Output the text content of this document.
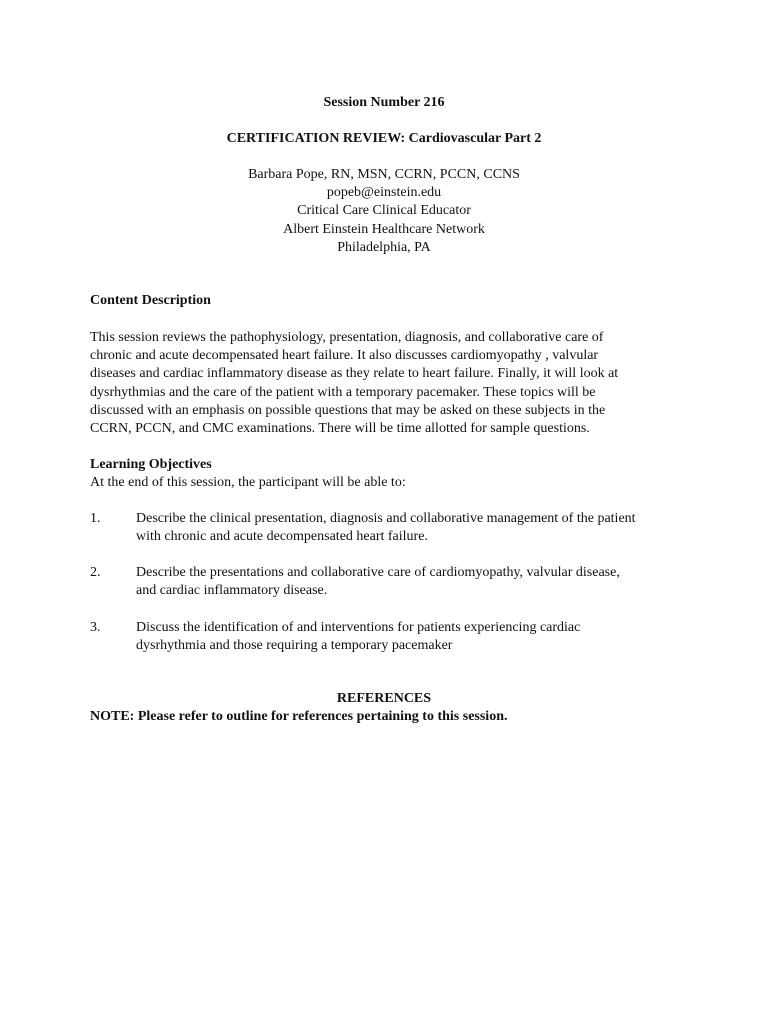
Session Number 216
CERTIFICATION REVIEW: Cardiovascular Part 2
Barbara Pope, RN, MSN, CCRN, PCCN, CCNS
popeb@einstein.edu
Critical Care Clinical Educator
Albert Einstein Healthcare Network
Philadelphia, PA
Content Description
This session reviews the pathophysiology, presentation, diagnosis, and collaborative care of
chronic and acute decompensated heart failure. It also discusses cardiomyopathy , valvular
diseases and cardiac inflammatory disease as they relate to heart failure. Finally, it will look at
dysrhythmias and the care of the patient with a temporary pacemaker. These topics will be
discussed with an emphasis on possible questions that may be asked on these subjects in the
CCRN, PCCN, and CMC examinations. There will be time allotted for sample questions.
Learning Objectives
At the end of this session, the participant will be able to:
1.	Describe the clinical presentation, diagnosis and collaborative management of the patient
with chronic and acute decompensated heart failure.
2.	Describe the presentations and collaborative care of cardiomyopathy, valvular disease,
and cardiac inflammatory disease.
3.	Discuss the identification of and interventions for patients experiencing cardiac
dysrhythmia and those requiring a temporary pacemaker
REFERENCES
NOTE: Please refer to outline for references pertaining to this session.
